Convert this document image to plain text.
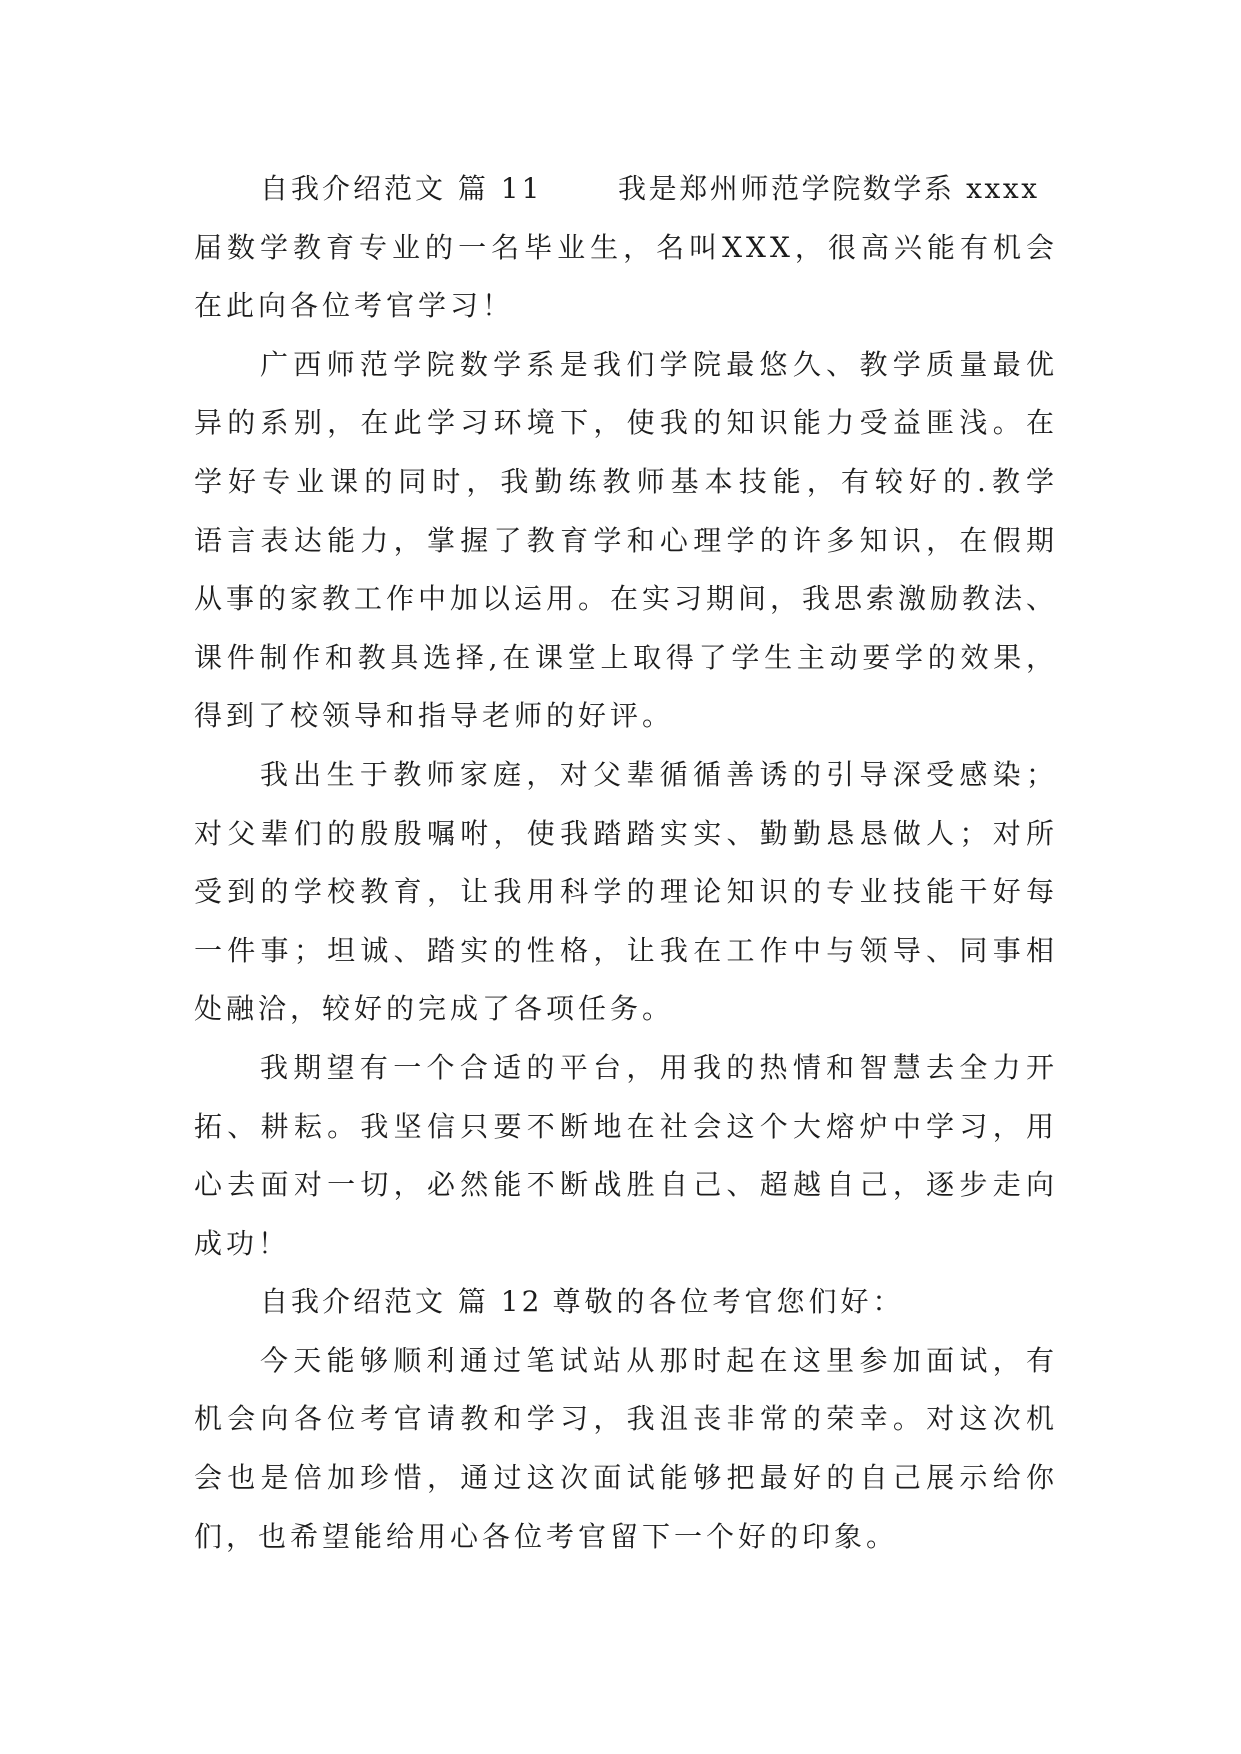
自我介绍范文 篇 11	我是郑州师范学院数学系 xxxx
届数学教育专业的一名毕业生，名叫XXX，很高兴能有机会
在此向各位考官学习！
广西师范学院数学系是我们学院最悠久、教学质量最优
异的系别，在此学习环境下，使我的知识能力受益匪浅。在
学好专业课的同时，我勤练教师基本技能，有较好的.教学
语言表达能力，掌握了教育学和心理学的许多知识，在假期
从事的家教工作中加以运用。在实习期间，我思索激励教法、
课件制作和教具选择,在课堂上取得了学生主动要学的效果，
得到了校领导和指导老师的好评。
我出生于教师家庭，对父辈循循善诱的引导深受感染；
对父辈们的殷殷嘱咐，使我踏踏实实、勤勤恳恳做人；对所
受到的学校教育，让我用科学的理论知识的专业技能干好每
一件事；坦诚、踏实的性格，让我在工作中与领导、同事相
处融洽，较好的完成了各项任务。
我期望有一个合适的平台，用我的热情和智慧去全力开
拓、耕耘。我坚信只要不断地在社会这个大熔炉中学习，用
心去面对一切，必然能不断战胜自己、超越自己，逐步走向
成功！
自我介绍范文 篇 12 尊敬的各位考官您们好：
今天能够顺利通过笔试站从那时起在这里参加面试，有
机会向各位考官请教和学习，我沮丧非常的荣幸。对这次机
会也是倍加珍惜，通过这次面试能够把最好的自己展示给你
们，也希望能给用心各位考官留下一个好的印象。
